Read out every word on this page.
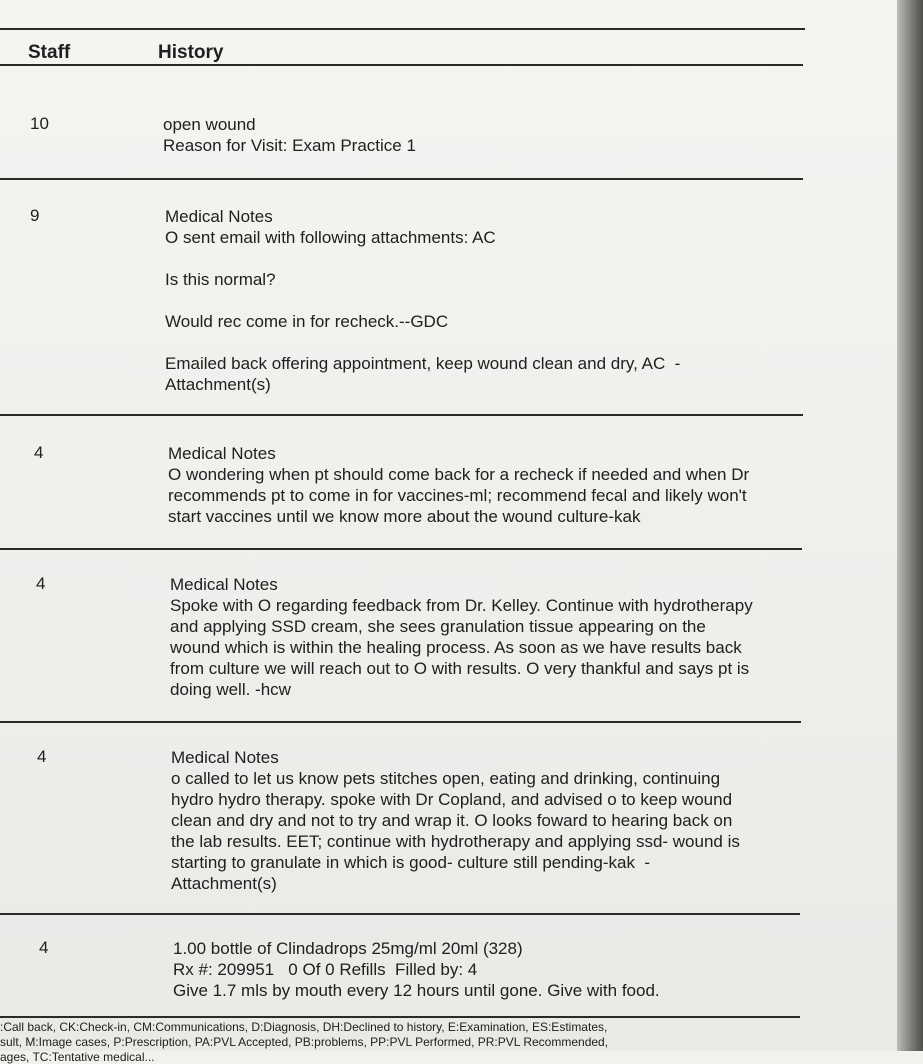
Staff	History
10	open wound
Reason for Visit: Exam Practice 1
9	Medical Notes
O sent email with following attachments: AC
Is this normal?
Would rec come in for recheck.--GDC
Emailed back offering appointment, keep wound clean and dry, AC  -
Attachment(s)
4	Medical Notes
O wondering when pt should come back for a recheck if needed and when Dr
recommends pt to come in for vaccines-ml; recommend fecal and likely won't
start vaccines until we know more about the wound culture-kak
4	Medical Notes
Spoke with O regarding feedback from Dr. Kelley. Continue with hydrotherapy
and applying SSD cream, she sees granulation tissue appearing on the
wound which is within the healing process. As soon as we have results back
from culture we will reach out to O with results. O very thankful and says pt is
doing well. -hcw
4	Medical Notes
o called to let us know pets stitches open, eating and drinking, continuing
hydro hydro therapy. spoke with Dr Copland, and advised o to keep wound
clean and dry and not to try and wrap it. O looks foward to hearing back on
the lab results. EET; continue with hydrotherapy and applying ssd- wound is
starting to granulate in which is good- culture still pending-kak  -
Attachment(s)
4	1.00 bottle of Clindadrops 25mg/ml 20ml (328)
Rx #: 209951   0 Of 0 Refills  Filled by: 4
Give 1.7 mls by mouth every 12 hours until gone. Give with food.
:Call back, CK:Check-in, CM:Communications, D:Diagnosis, DH:Declined to history, E:Examination, ES:Estimates,
sult, M:Image cases, P:Prescription, PA:PVL Accepted, PB:problems, PP:PVL Performed, PR:PVL Recommended,
ages, TC:Tentative medical...
